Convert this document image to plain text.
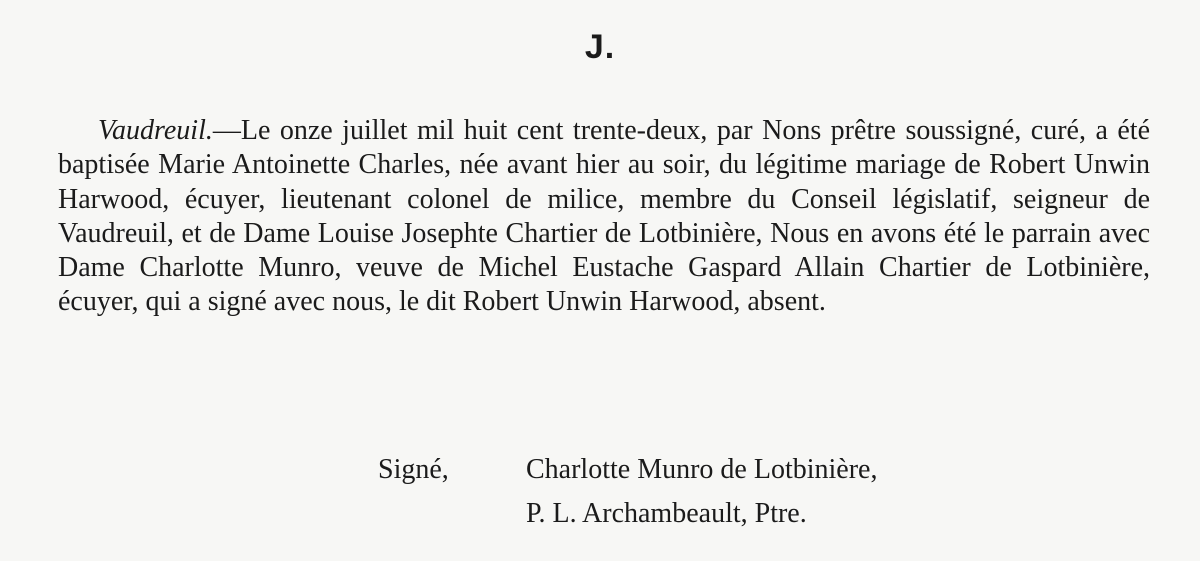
J.

Vaudreuil.—Le onze juillet mil huit cent trente-deux, par Nons prêtre soussigné, curé, a été baptisée Marie Antoinette Charles, née avant hier au soir, du légitime mariage de Robert Unwin Harwood, écuyer, lieutenant colonel de milice, membre du Conseil législatif, seigneur de Vaudreuil, et de Dame Louise Josephte Chartier de Lotbinière, Nous en avons été le parrain avec Dame Charlotte Munro, veuve de Michel Eustache Gaspard Allain Chartier de Lotbinière, écuyer, qui a signé avec nous, le dit Robert Unwin Harwood, absent.

Signé,	Charlotte Munro de Lotbinière,
P. L. Archambeault, Ptre.
